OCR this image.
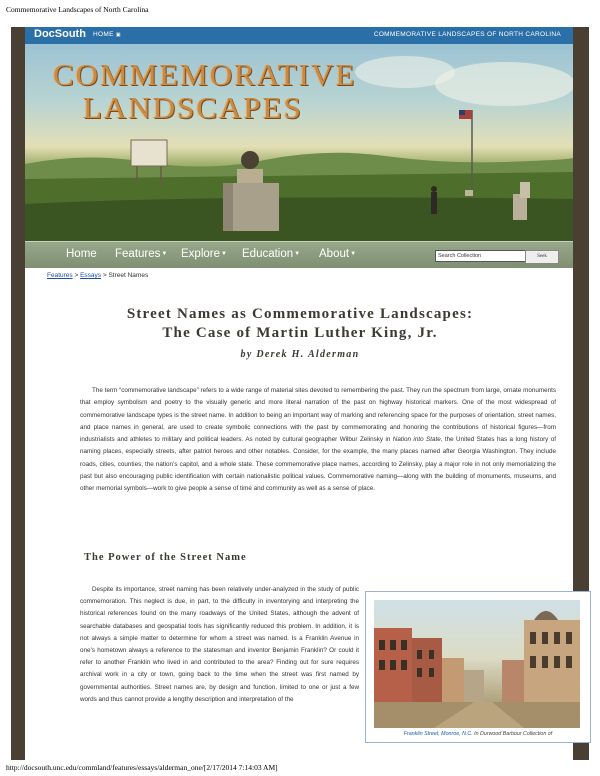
Commemorative Landscapes of North Carolina
DocSouth HOME ▣	COMMEMORATIVE LANDSCAPES OF NORTH CAROLINA
COMMEMORATIVE
LANDSCAPES
Home Features▼ Explore▼ Education▼ About▼	Search Collection	Seek
Features > Essays > Street Names
Street Names as Commemorative Landscapes:
The Case of Martin Luther King, Jr.
by Derek H. Alderman
The term “commemorative landscape” refers to a wide range of material sites devoted to remembering the past. They run the spectrum from large, ornate monuments that employ symbolism and poetry to the visually generic and more literal narration of the past on highway historical markers. One of the most widespread of commemorative landscape types is the street name. In addition to being an important way of marking and referencing space for the purposes of orientation, street names, and place names in general, are used to create symbolic connections with the past by commemorating and honoring the contributions of historical figures—from industrialists and athletes to military and political leaders. As noted by cultural geographer Wilbur Zelinsky in Nation into State, the United States has a long history of naming places, especially streets, after patriot heroes and other notables. Consider, for the example, the many places named after Georgia Washington. They include roads, cities, counties, the nation’s capitol, and a whole state. These commemorative place names, according to Zelinsky, play a major role in not only memorializing the past but also encouraging public identification with certain nationalistic political values. Commemorative naming—along with the building of monuments, museums, and other memorial symbols—work to give people a sense of time and community as well as a sense of place.
The Power of the Street Name
Despite its importance, street naming has been relatively under-analyzed in the study of public commemoration. This neglect is due, in part, to the difficulty in inventorying and interpreting the historical references found on the many roadways of the United States, although the advent of searchable databases and geospatial tools has significantly reduced this problem. In addition, it is not always a simple matter to determine for whom a street was named. Is a Franklin Avenue in one’s hometown always a reference to the statesman and inventor Benjamin Franklin? Or could it refer to another Franklin who lived in and contributed to the area? Finding out for sure requires archival work in a city or town, going back to the time when the street was first named by governmental authorities. Street names are, by design and function, limited to one or just a few words and thus cannot provide a lengthy description and interpretation of the
Franklin Street, Monroe, N.C. In Durwood Barbour Collection of
http://docsouth.unc.edu/commland/features/essays/alderman_one/[2/17/2014 7:14:03 AM]
